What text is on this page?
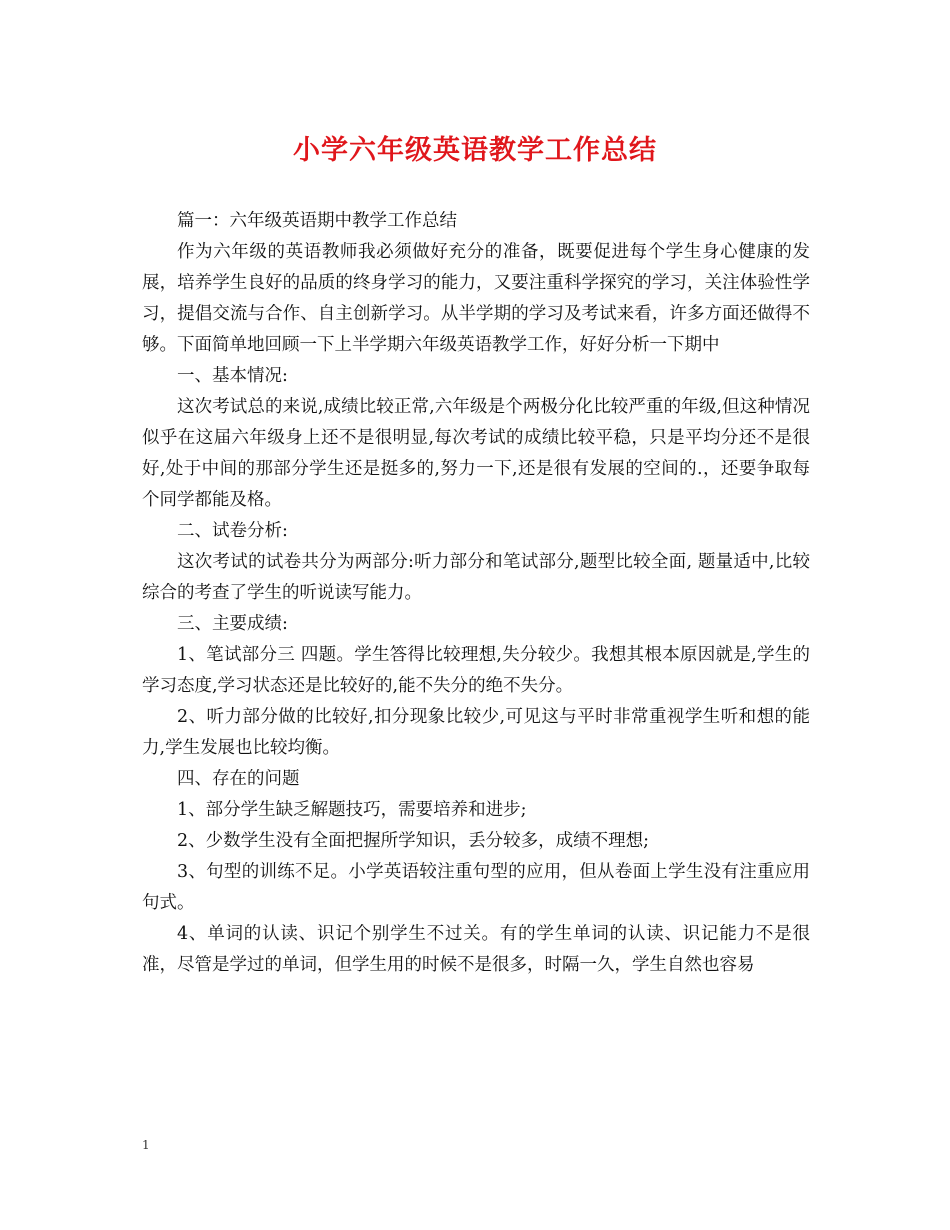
小学六年级英语教学工作总结

篇一：六年级英语期中教学工作总结

作为六年级的英语教师我必须做好充分的准备，既要促进每个学生身心健康的发展，培养学生良好的品质的终身学习的能力，又要注重科学探究的学习，关注体验性学习，提倡交流与合作、自主创新学习。从半学期的学习及考试来看，许多方面还做得不够。下面简单地回顾一下上半学期六年级英语教学工作，好好分析一下期中

一、基本情况:

这次考试总的来说,成绩比较正常,六年级是个两极分化比较严重的年级,但这种情况似乎在这届六年级身上还不是很明显,每次考试的成绩比较平稳，只是平均分还不是很好,处于中间的那部分学生还是挺多的,努力一下,还是很有发展的空间的.，还要争取每个同学都能及格。

二、试卷分析:

这次考试的试卷共分为两部分:听力部分和笔试部分,题型比较全面, 题量适中,比较综合的考查了学生的听说读写能力。

三、主要成绩:

1、笔试部分三 四题。学生答得比较理想,失分较少。我想其根本原因就是,学生的学习态度,学习状态还是比较好的,能不失分的绝不失分。

2、听力部分做的比较好,扣分现象比较少,可见这与平时非常重视学生听和想的能力,学生发展也比较均衡。

四、存在的问题

1、部分学生缺乏解题技巧，需要培养和进步;

2、少数学生没有全面把握所学知识，丢分较多，成绩不理想;

3、句型的训练不足。小学英语较注重句型的应用，但从卷面上学生没有注重应用句式。

4、单词的认读、识记个别学生不过关。有的学生单词的认读、识记能力不是很准，尽管是学过的单词，但学生用的时候不是很多，时隔一久，学生自然也容易

1
